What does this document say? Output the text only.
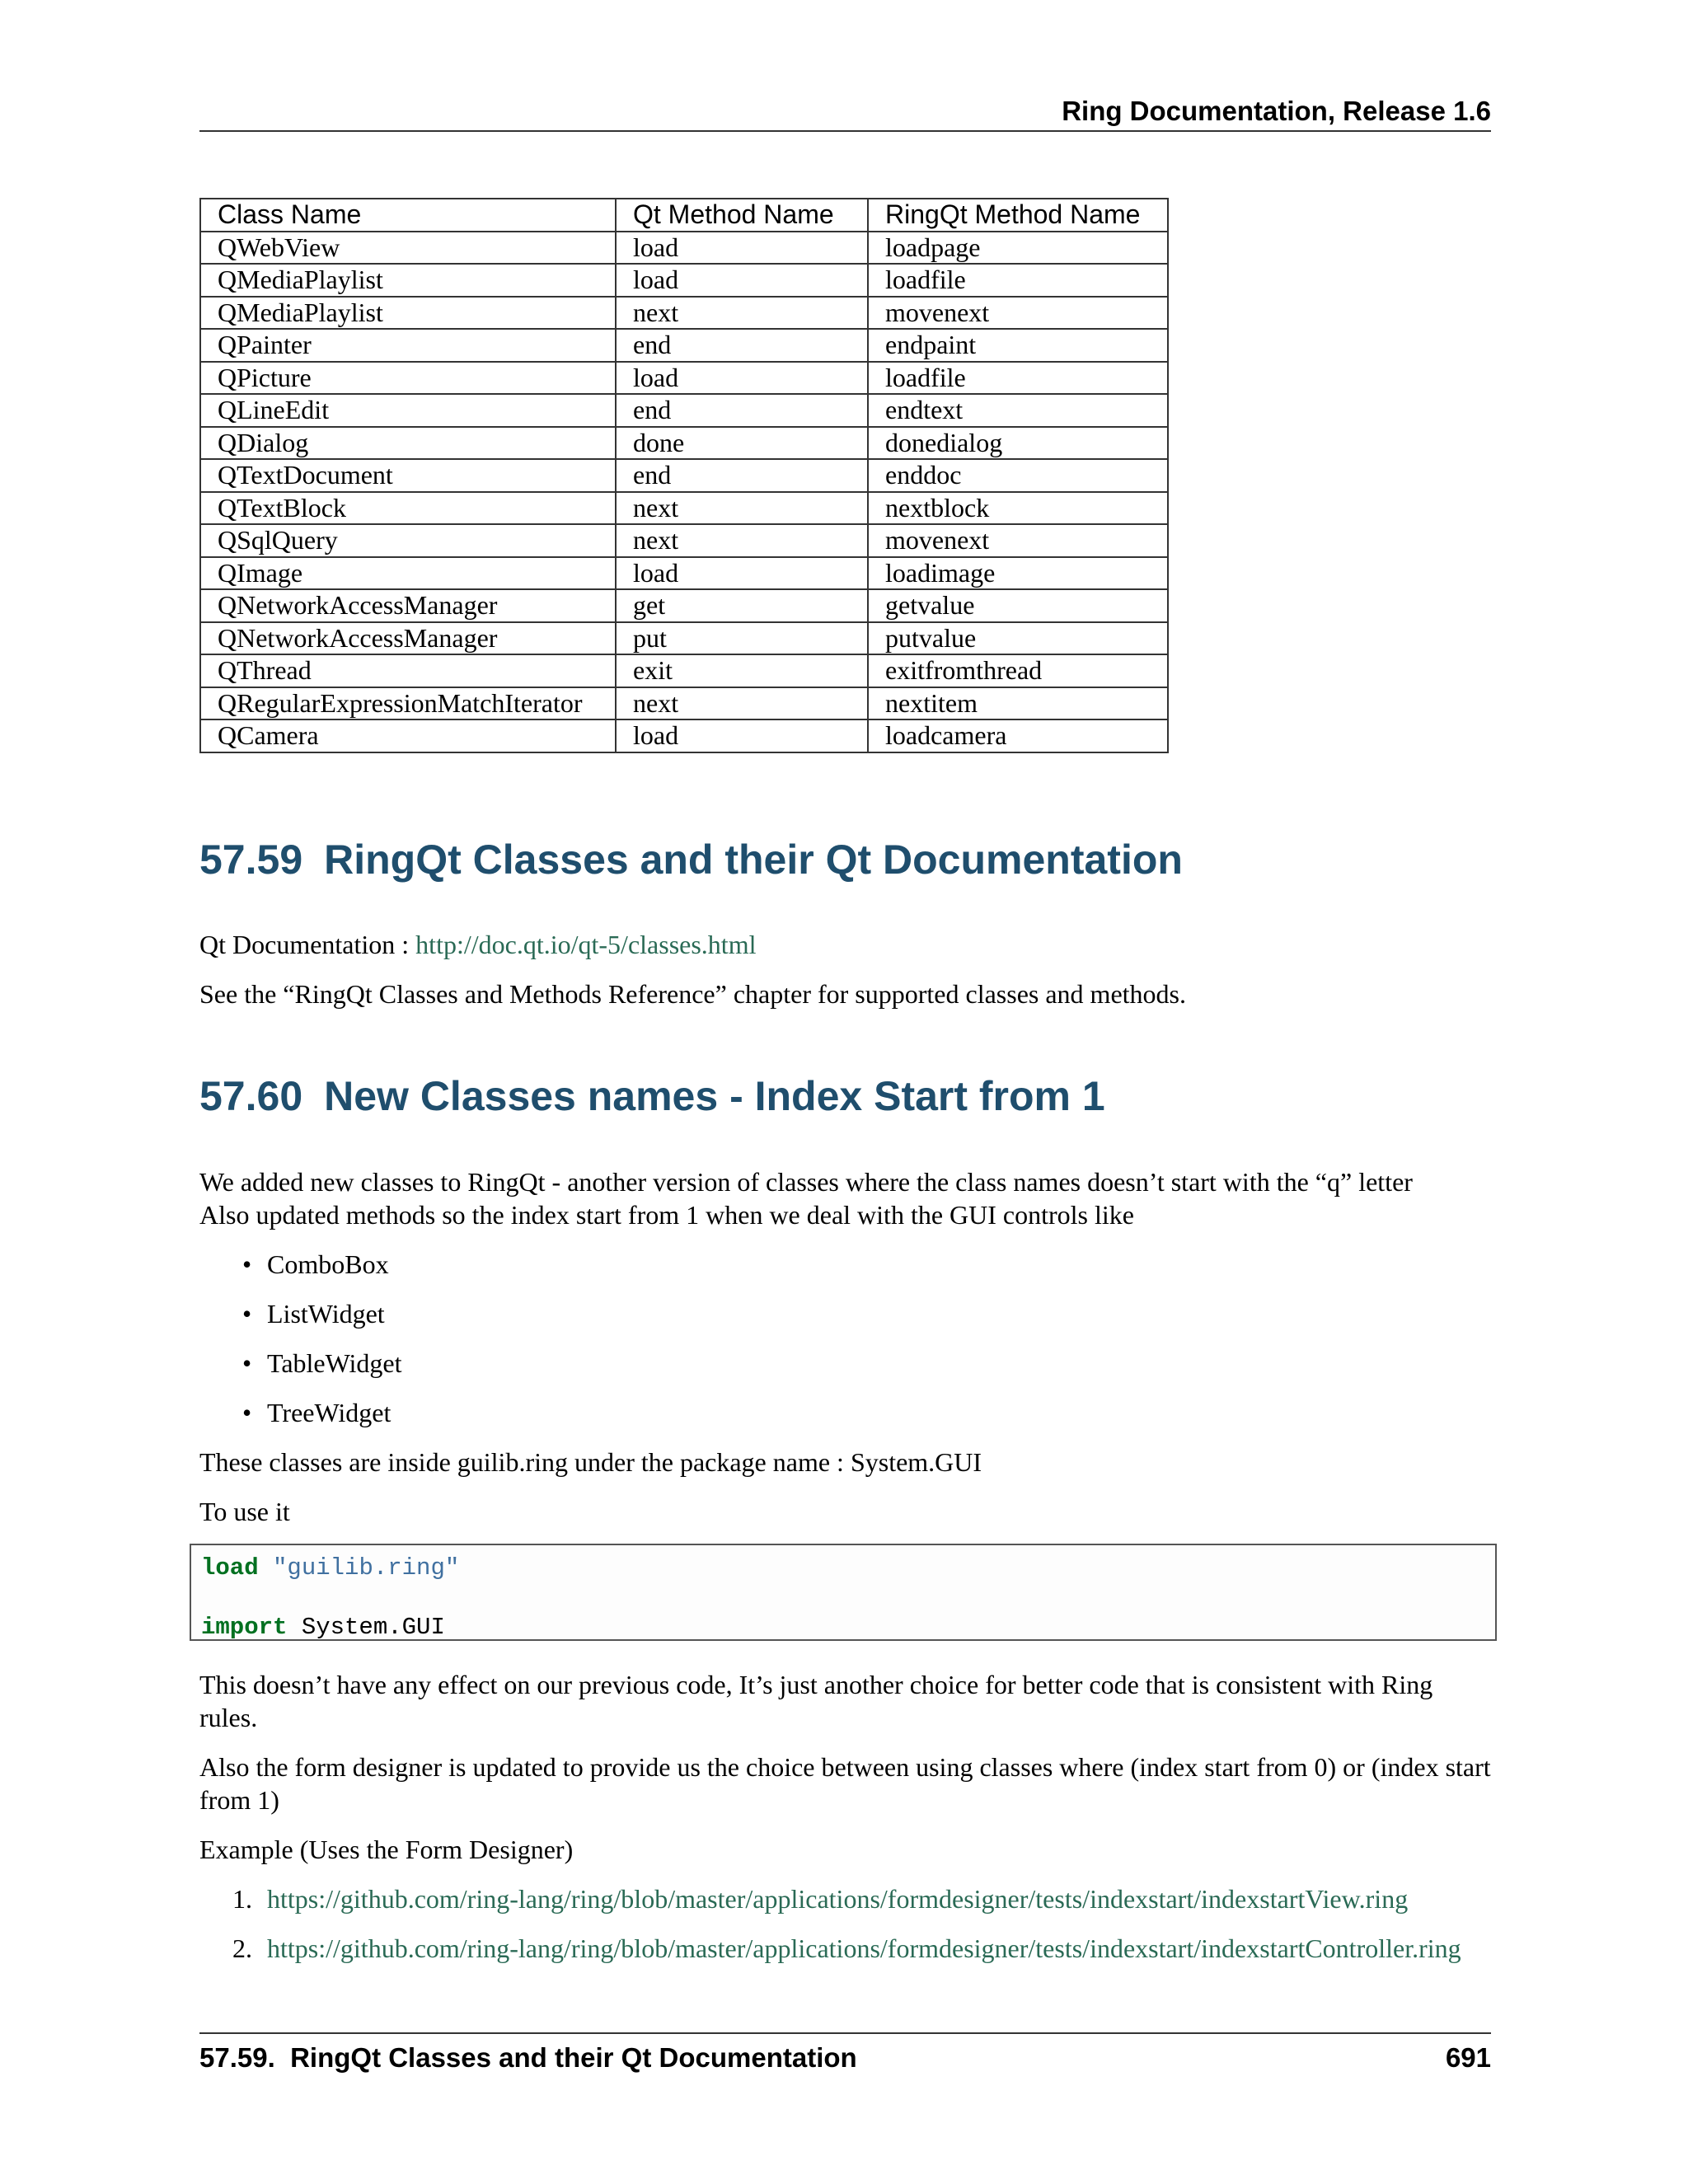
Ring Documentation, Release 1.6
Class Name	Qt Method Name	RingQt Method Name
QWebView	load	loadpage
QMediaPlaylist	load	loadfile
QMediaPlaylist	next	movenext
QPainter	end	endpaint
QPicture	load	loadfile
QLineEdit	end	endtext
QDialog	done	donedialog
QTextDocument	end	enddoc
QTextBlock	next	nextblock
QSqlQuery	next	movenext
QImage	load	loadimage
QNetworkAccessManager	get	getvalue
QNetworkAccessManager	put	putvalue
QThread	exit	exitfromthread
QRegularExpressionMatchIterator	next	nextitem
QCamera	load	loadcamera
57.59 RingQt Classes and their Qt Documentation

Qt Documentation : http://doc.qt.io/qt-5/classes.html

See the “RingQt Classes and Methods Reference” chapter for supported classes and methods.

57.60 New Classes names - Index Start from 1

We added new classes to RingQt - another version of classes where the class names doesn’t start with the “q” letter
Also updated methods so the index start from 1 when we deal with the GUI controls like

• ComboBox
• ListWidget
• TableWidget
• TreeWidget

These classes are inside guilib.ring under the package name : System.GUI

To use it

load "guilib.ring"

import System.GUI

This doesn’t have any effect on our previous code, It’s just another choice for better code that is consistent with Ring rules.

Also the form designer is updated to provide us the choice between using classes where (index start from 0) or (index start from 1)

Example (Uses the Form Designer)

1. https://github.com/ring-lang/ring/blob/master/applications/formdesigner/tests/indexstart/indexstartView.ring
2. https://github.com/ring-lang/ring/blob/master/applications/formdesigner/tests/indexstart/indexstartController.ring
57.59.  RingQt Classes and their Qt Documentation	691
